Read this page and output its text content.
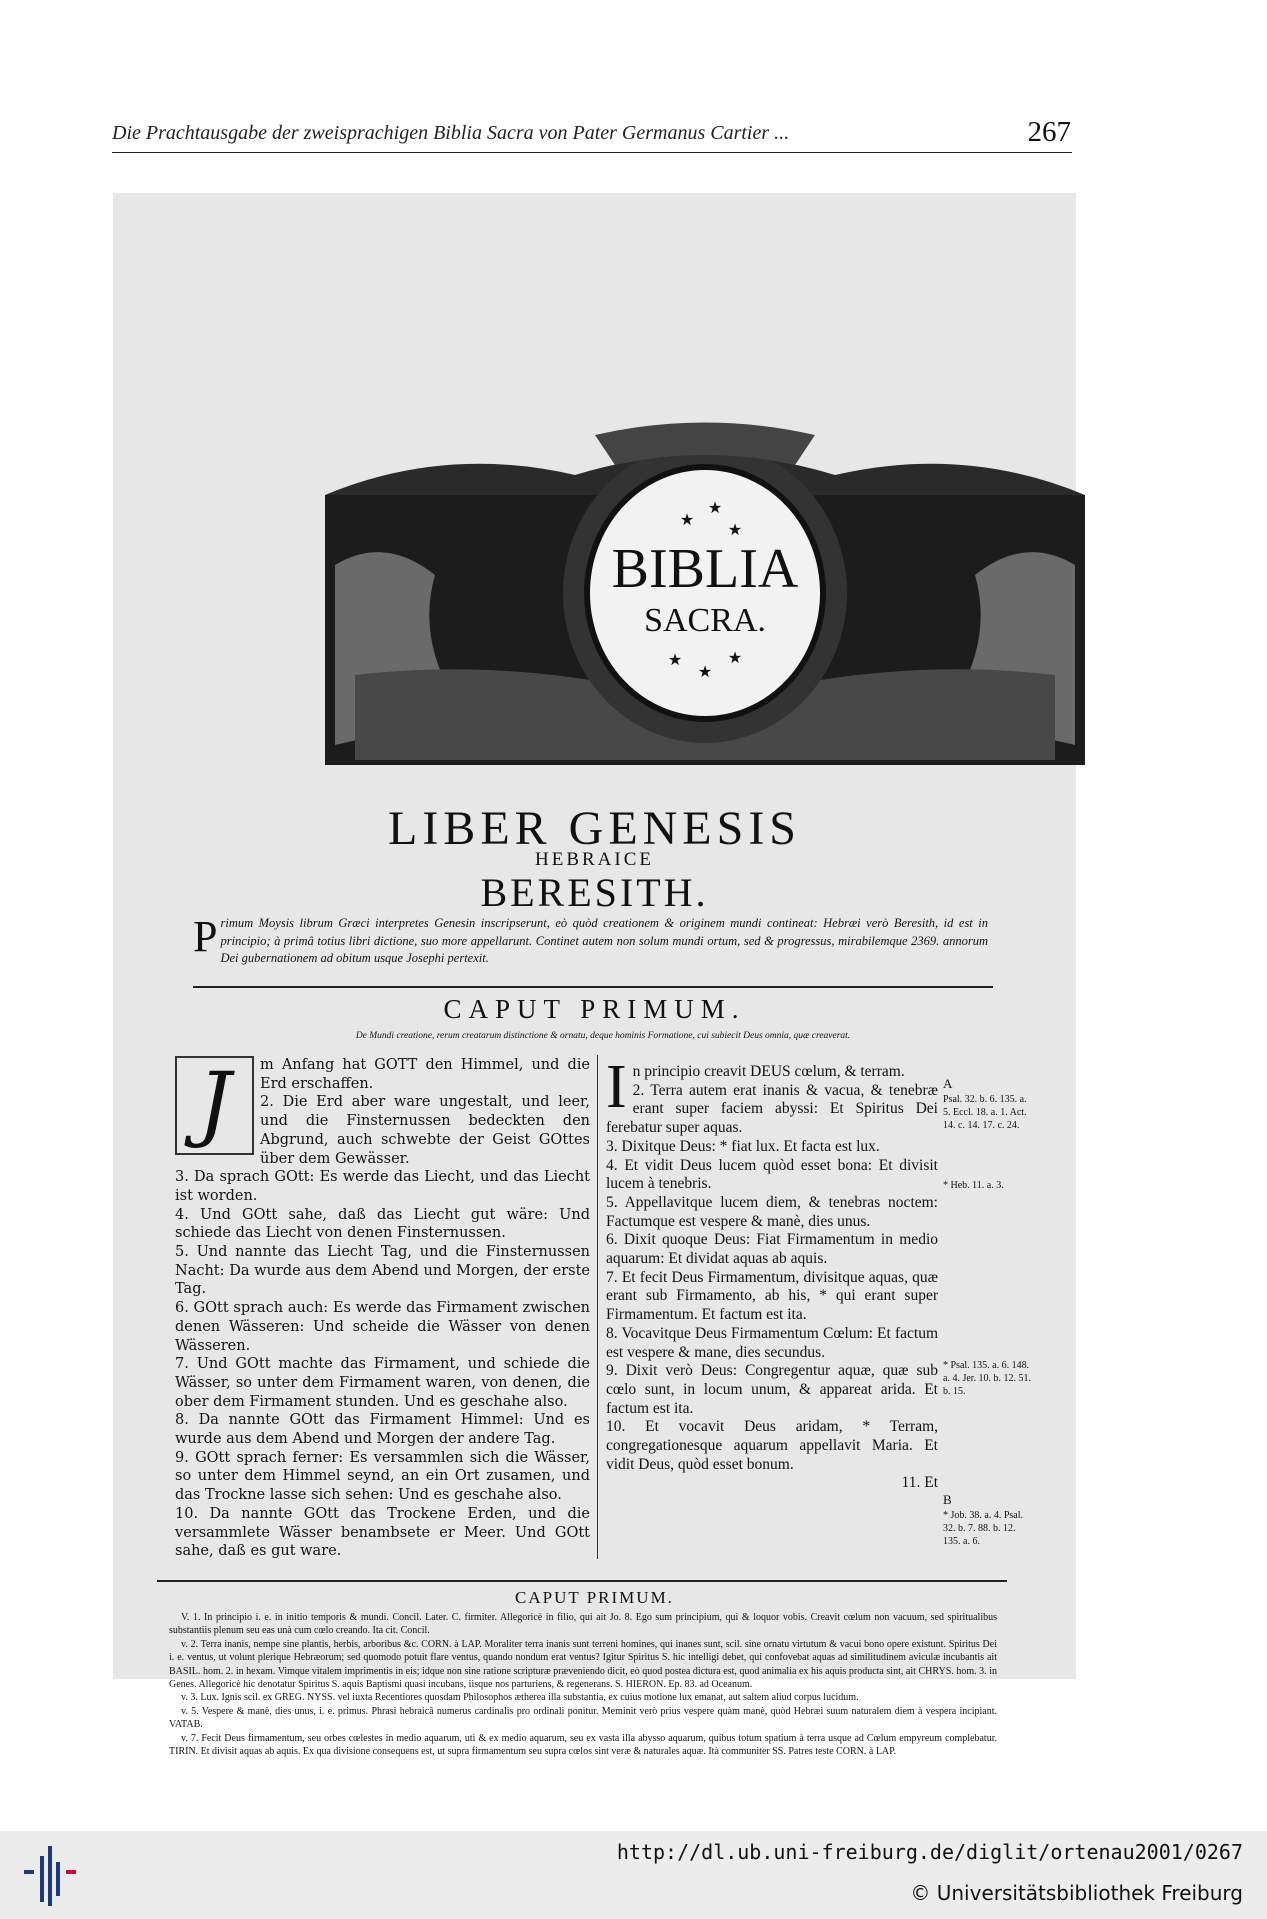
Die Prachtausgabe der zweisprachigen Biblia Sacra von Pater Germanus Cartier ...	267
★
★
★
★
★
★
BIBLIA
SACRA.
LIBER GENESIS
HEBRAICE
BERESITH.
P rimum Moysis librum Græci interpretes Genesin inscripserunt, eò quòd creationem & originem mundi contineat: Hebræi verò Beresith, id est in principio; à primâ totius libri dictione, suo more appellarunt. Continet autem non solum mundi ortum, sed & progressus, mirabilemque 2369. annorum Dei gubernationem ad obitum usque Josephi pertexit.
CAPUT PRIMUM.
De Mundi creatione, rerum creatarum distinctione & ornatu, deque hominis Formatione, cui subiecit Deus omnia, quæ creaverat.
J	m Anfang hat GOTT den Himmel, und die Erd erschaffen.

2. Die Erd aber ware ungestalt, und leer, und die Finsternussen bedeckten den Abgrund, auch schwebte der Geist GOttes über dem Gewässer.

3. Da sprach GOtt: Es werde das Liecht, und das Liecht ist worden.

4. Und GOtt sahe, daß das Liecht gut wäre: Und schiede das Liecht von denen Finsternussen.

5. Und nannte das Liecht Tag, und die Finsternussen Nacht: Da wurde aus dem Abend und Morgen, der erste Tag.

6. GOtt sprach auch: Es werde das Firmament zwischen denen Wässeren: Und scheide die Wässer von denen Wässeren.

7. Und GOtt machte das Firmament, und schiede die Wässer, so unter dem Firmament waren, von denen, die ober dem Firmament stunden. Und es geschahe also.

8. Da nannte GOtt das Firmament Himmel: Und es wurde aus dem Abend und Morgen der andere Tag.

9. GOtt sprach ferner: Es versammlen sich die Wässer, so unter dem Himmel seynd, an ein Ort zusamen, und das Trockne lasse sich sehen: Und es geschahe also.

10. Da nannte GOtt das Trockene Erden, und die versammlete Wässer benambsete er Meer. Und GOtt sahe, daß es gut ware.

I n principio creavit DEUS cœlum, & terram.

2. Terra autem erat inanis & vacua, & tenebræ erant super faciem abyssi: Et Spiritus Dei ferebatur super aquas.

3. Dixitque Deus: * fiat lux. Et facta est lux.

4. Et vidit Deus lucem quòd esset bona: Et divisit lucem à tenebris.

5. Appellavitque lucem diem, & tenebras noctem: Factumque est vespere & manè, dies unus.

6. Dixit quoque Deus: Fiat Firmamentum in medio aquarum: Et dividat aquas ab aquis.

7. Et fecit Deus Firmamentum, divisitque aquas, quæ erant sub Firmamento, ab his, * qui erant super Firmamentum. Et factum est ita.

8. Vocavitque Deus Firmamentum Cœlum: Et factum est vespere & mane, dies secundus.

9. Dixit verò Deus: Congregentur aquæ, quæ sub cœlo sunt, in locum unum, & appareat arida. Et factum est ita.

10. Et vocavit Deus aridam, * Terram, congregationesque aquarum appellavit Maria. Et vidit Deus, quòd esset bonum.

11. Et

A
Psal. 32. b. 6. 135. a. 5. Eccl. 18. a. 1. Act. 14. c. 14. 17. c. 24.
* Heb. 11. a. 3.
* Psal. 135. a. 6. 148. a. 4. Jer. 10. b. 12. 51. b. 15.
B
* Job. 38. a. 4. Psal. 32. b. 7. 88. b. 12. 135. a. 6.
CAPUT PRIMUM.

V. 1. In principio i. e. in initio temporis & mundi. Concil. Later. C. firmiter. Allegoricè in filio, qui ait Jo. 8. Ego sum principium, qui & loquor vobis. Creavit cœlum non vacuum, sed spiritualibus substantiis plenum seu eas unà cum cœlo creando. Ita cit. Concil.

v. 2. Terra inanis, nempe sine plantis, herbis, arboribus &c. CORN. à LAP. Moraliter terra inanis sunt terreni homines, qui inanes sunt, scil. sine ornatu virtutum & vacui bono opere existunt. Spiritus Dei i. e. ventus, ut volunt plerique Hebræorum; sed quomodo potuit flare ventus, quando nondum erat ventus? Igitur Spiritus S. hic intelligi debet, qui confovebat aquas ad similitudinem aviculæ incubantis ait BASIL. hom. 2. in hexam. Vimque vitalem imprimentis in eis; idque non sine ratione scripturæ præveniendo dicit, eò quod postea dictura est, quod animalia ex his aquis producta sint, ait CHRYS. hom. 3. in Genes. Allegoricè hic denotatur Spiritus S. aquis Baptismi quasi incubans, iisque nos parturiens, & regenerans. S. HIERON. Ep. 83. ad Oceanum.

v. 3. Lux. Ignis scil. ex GREG. NYSS. vel iuxta Recentiores quosdam Philosophos ætherea illa substantia, ex cuius motione lux emanat, aut saltem aliud corpus lucidum.

v. 5. Vespere & manè, dies unus, i. e. primus. Phrasi hebraicâ numerus cardinalis pro ordinali ponitur. Meminit verò prius vespere quàm manè, quòd Hebræi suum naturalem diem à vespera incipiant. VATAB.

v. 7. Fecit Deus firmamentum, seu orbes cœlestes in medio aquarum, uti & ex medio aquarum, seu ex vasta illa abysso aquarum, quibus totum spatium à terra usque ad Cœlum empyreum complebatur. TIRIN. Et divisit aquas ab aquis. Ex qua divisione consequens est, ut supra firmamentum seu supra cœlos sint veræ & naturales aquæ. Ità communiter SS. Patres teste CORN. à LAP.

http://dl.ub.uni-freiburg.de/diglit/ortenau2001/0267
© Universitätsbibliothek Freiburg
